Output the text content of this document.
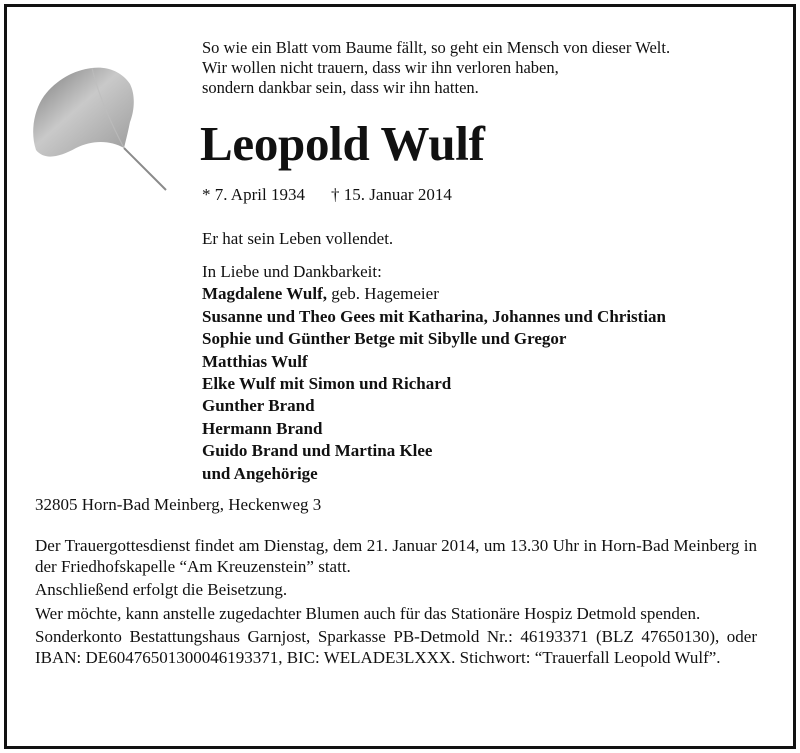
So wie ein Blatt vom Baume fällt, so geht ein Mensch von dieser Welt.
Wir wollen nicht trauern, dass wir ihn verloren haben,
sondern dankbar sein, dass wir ihn hatten.
Leopold Wulf
* 7. April 1934 † 15. Januar 2014
Er hat sein Leben vollendet.
In Liebe und Dankbarkeit:
Magdalene Wulf, geb. Hagemeier
Susanne und Theo Gees mit Katharina, Johannes und Christian
Sophie und Günther Betge mit Sibylle und Gregor
Matthias Wulf
Elke Wulf mit Simon und Richard
Gunther Brand
Hermann Brand
Guido Brand und Martina Klee
und Angehörige
32805 Horn-Bad Meinberg, Heckenweg 3

Der Trauergottesdienst findet am Dienstag, dem 21. Januar 2014, um 13.30 Uhr in Horn-Bad Meinberg in der Friedhofskapelle “Am Kreuzenstein” statt.

Anschließend erfolgt die Beisetzung.

Wer möchte, kann anstelle zugedachter Blumen auch für das Stationäre Hospiz Detmold spenden.

Sonderkonto Bestattungshaus Garnjost, Sparkasse PB-Detmold Nr.: 46193371 (BLZ 47650130), oder IBAN: DE60476501300046193371, BIC: WELADE3LXXX. Stichwort: “Trauerfall Leopold Wulf”.
